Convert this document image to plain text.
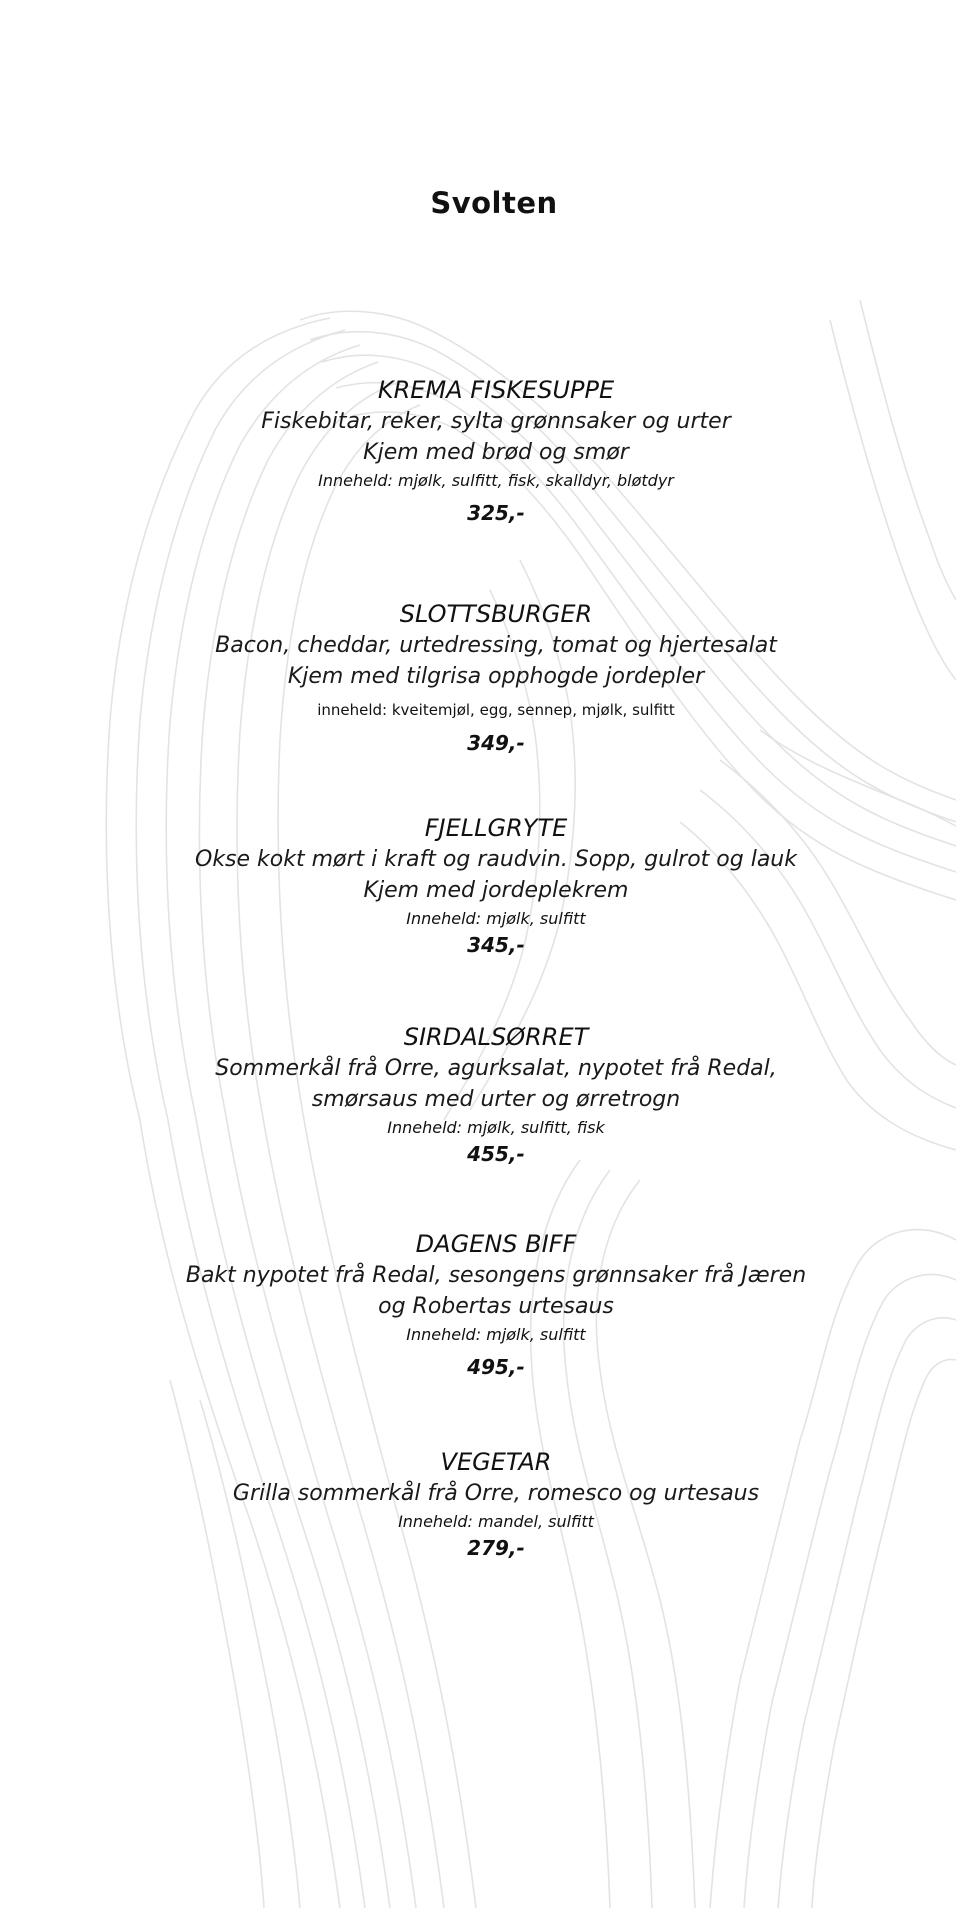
Svolten
KREMA FISKESUPPE
Fiskebitar, reker, sylta grønnsaker og urter
Kjem med brød og smør
Inneheld: mjølk, sulfitt, fisk, skalldyr, bløtdyr
325,-
SLOTTSBURGER
Bacon, cheddar, urtedressing, tomat og hjertesalat
Kjem med tilgrisa opphogde jordepler
inneheld: kveitemjøl, egg, sennep, mjølk, sulfitt
349,-
FJELLGRYTE
Okse kokt mørt i kraft og raudvin. Sopp, gulrot og lauk
Kjem med jordeplekrem
Inneheld: mjølk, sulfitt
345,-
SIRDALSØRRET
Sommerkål frå Orre, agurksalat, nypotet frå Redal,
smørsaus med urter og ørretrogn
Inneheld: mjølk, sulfitt, fisk
455,-
DAGENS BIFF
Bakt nypotet frå Redal, sesongens grønnsaker frå Jæren
og Robertas urtesaus
Inneheld: mjølk, sulfitt
495,-
VEGETAR
Grilla sommerkål frå Orre, romesco og urtesaus
Inneheld: mandel, sulfitt
279,-
